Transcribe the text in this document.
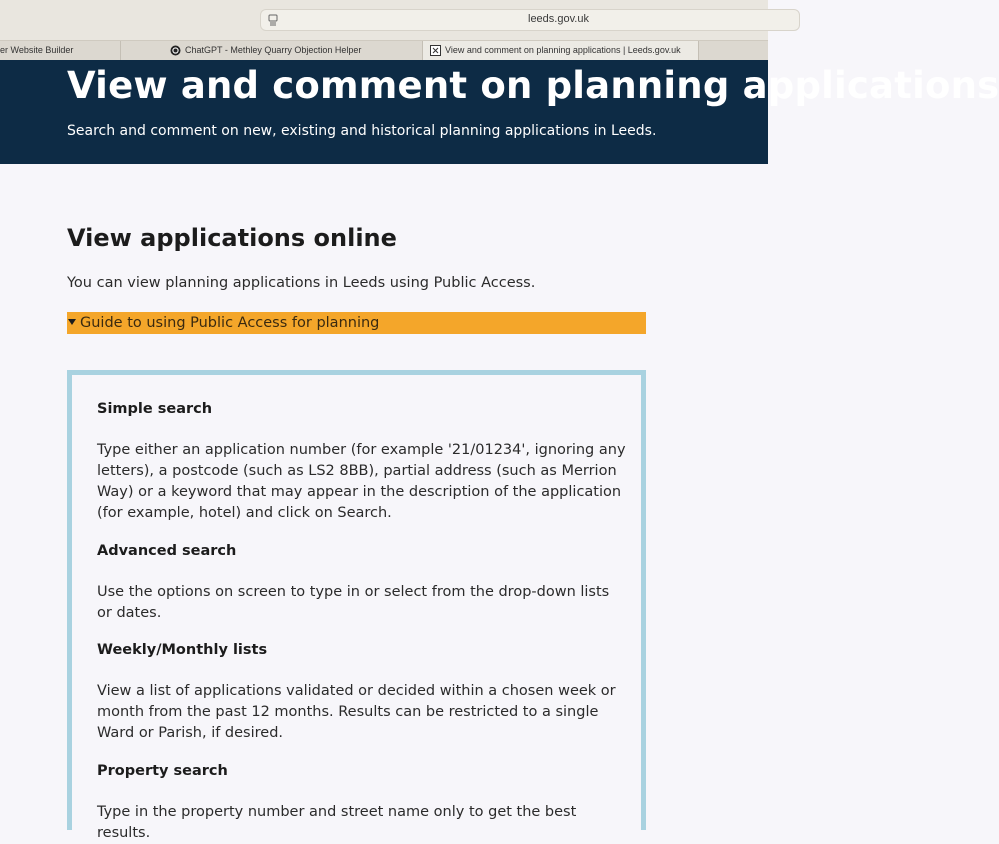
leeds.gov.uk
er Website Builder	ChatGPT - Methley Quarry Objection Helper	View and comment on planning applications | Leeds.gov.uk
View and comment on planning applications

Search and comment on new, existing and historical planning applications in Leeds.

View applications online

You can view planning applications in Leeds using Public Access.

Guide to using Public Access for planning
Simple search

Type either an application number (for example '21/01234', ignoring any letters), a postcode (such as LS2 8BB), partial address (such as Merrion Way) or a keyword that may appear in the description of the application (for example, hotel) and click on Search.

Advanced search

Use the options on screen to type in or select from the drop-down lists or dates.

Weekly/Monthly lists

View a list of applications validated or decided within a chosen week or month from the past 12 months. Results can be restricted to a single Ward or Parish, if desired.

Property search

Type in the property number and street name only to get the best results.
